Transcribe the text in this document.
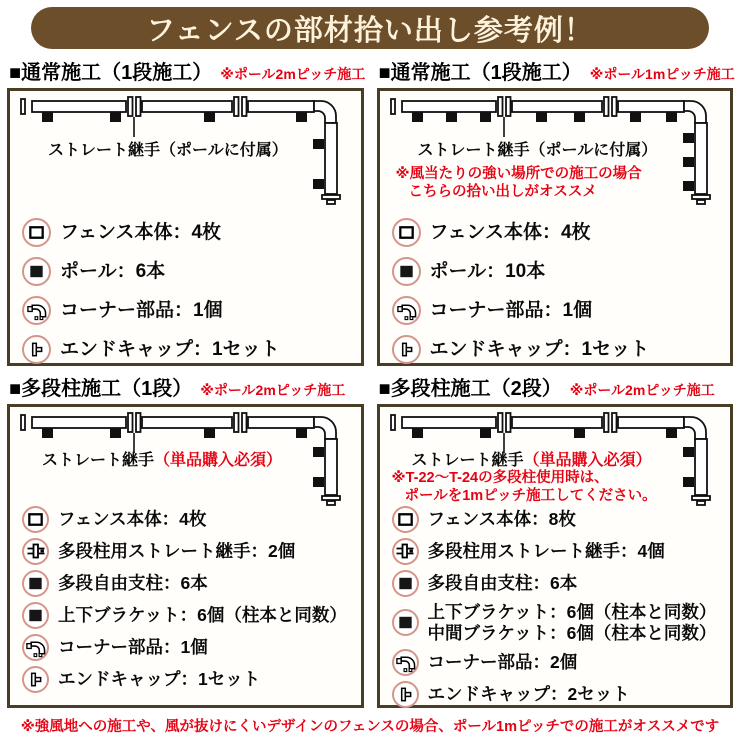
フェンスの部材拾い出し参考例！
■通常施工（1段施工） ※ポール2mピッチ施工
ストレート継手（ポールに付属）
フェンス本体：4枚
ポール：6本
コーナー部品：1個
エンドキャップ：1セット
■通常施工（1段施工） ※ポール1mピッチ施工
ストレート継手（ポールに付属）
※風当たりの強い場所での施工の場合
こちらの拾い出しがオススメ
フェンス本体：4枚
ポール：10本
コーナー部品：1個
エンドキャップ：1セット
■多段柱施工（1段） ※ポール2mピッチ施工
ストレート継手（単品購入必須）
フェンス本体：4枚
多段柱用ストレート継手：2個
多段自由支柱：6本
上下ブラケット：6個（柱本と同数）
コーナー部品：1個
エンドキャップ：1セット
■多段柱施工（2段） ※ポール2mピッチ施工
ストレート継手（単品購入必須）
※T-22～T-24の多段柱使用時は、
ポールを1mピッチ施工してください。
フェンス本体：8枚
多段柱用ストレート継手：4個
多段自由支柱：6本
上下ブラケット：6個（柱本と同数）
中間ブラケット：6個（柱本と同数）
コーナー部品：2個
エンドキャップ：2セット
※強風地への施工や、風が抜けにくいデザインのフェンスの場合、ポール1mピッチでの施工がオススメです
